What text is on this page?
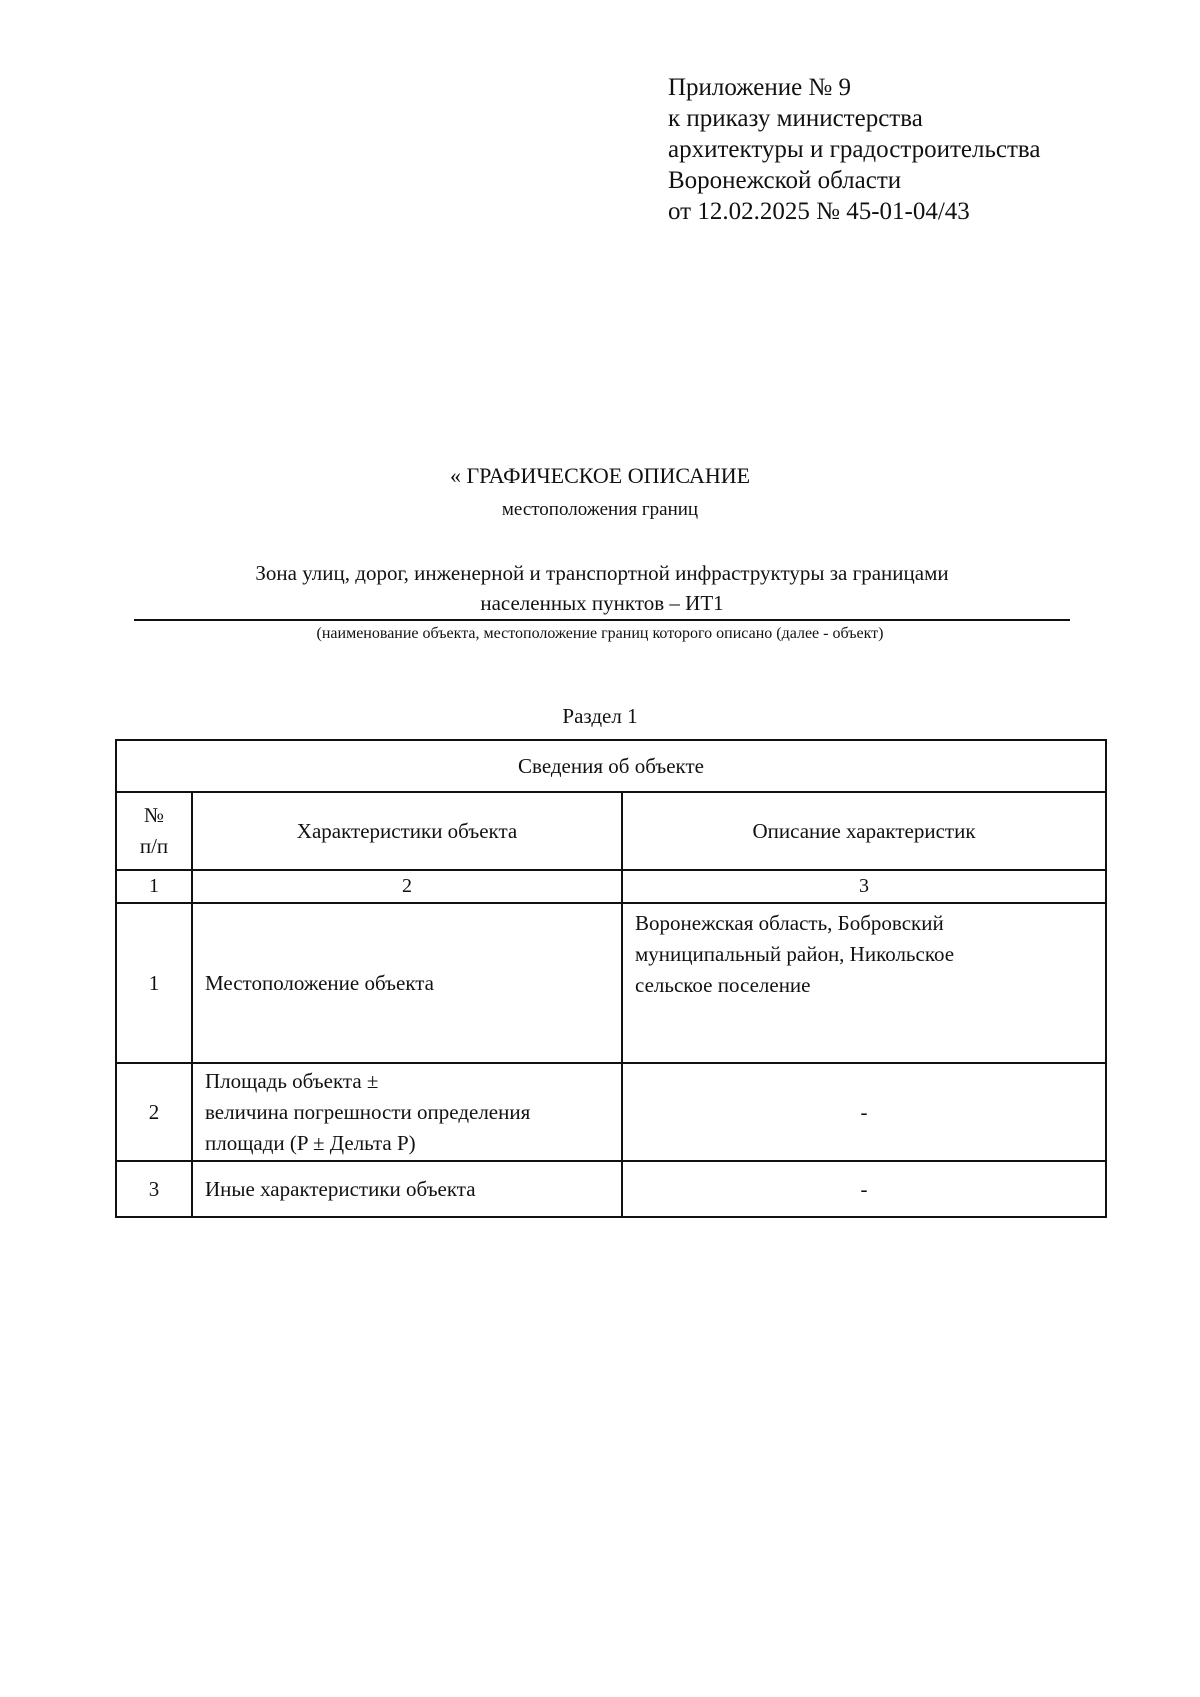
Приложение № 9
к приказу министерства
архитектуры и градостроительства
Воронежской области
от 12.02.2025 № 45-01-04/43
« ГРАФИЧЕСКОЕ ОПИСАНИЕ
местоположения границ
Зона улиц, дорог, инженерной и транспортной инфраструктуры за границами
населенных пунктов – ИТ1
(наименование объекта, местоположение границ которого описано (далее - объект)
Раздел 1
Сведения об объекте		
№
п/п	Характеристики объекта	Описание характеристик
1	2	3
1	Местоположение объекта	Воронежская область, Бобровский
муниципальный район, Никольское
сельское поселение
2	Площадь объекта ±
величина погрешности определения
площади (P ± Дельта P)	-
3	Иные характеристики объекта	-
